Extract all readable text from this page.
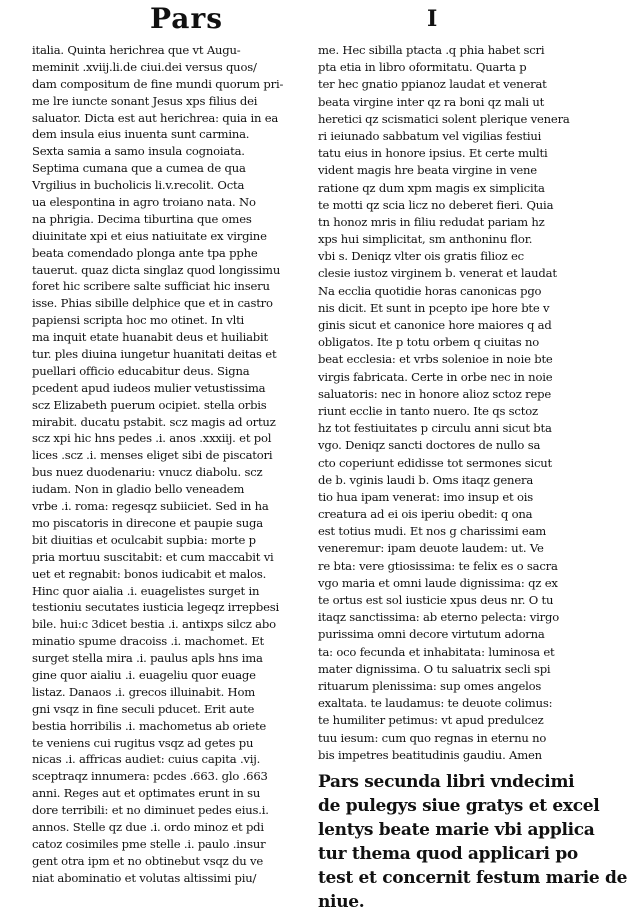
Pars	I
italia. Quinta herichrea que vt Augu-
meminit .xviij.li.de ciui.dei versus quos/
dam compositum de fine mundi quorum pri-
me lre iuncte sonant Jesus xps filius dei
saluator. Dicta est aut herichrea: quia in ea
dem insula eius inuenta sunt carmina.
Sexta samia a samo insula cognoiata.
Septima cumana que a cumea de qua
Vrgilius in bucholicis li.v.recolit. Octa
ua elespontina in agro troiano nata. No
na phrigia. Decima tiburtina que omes
diuinitate xpi et eius natiuitate ex virgine
beata comendado plonga ante tpa pphe
tauerut. quaz dicta singlaz quod longissimu
foret hic scribere salte sufficiat hic inseru
isse. Phias sibille delphice que et in castro
papiensi scripta hoc mo otinet. In vlti
ma inquit etate huanabit deus et huiliabit
tur. ples diuina iungetur huanitati deitas et
puellari officio educabitur deus. Signa
pcedent apud iudeos mulier vetustissima
scz Elizabeth puerum ocipiet. stella orbis
mirabit. ducatu pstabit. scz magis ad ortuz
scz xpi hic hns pedes .i. anos .xxxiij. et pol
lices .scz .i. menses eliget sibi de piscatori
bus nuez duodenariu: vnucz diabolu. scz
iudam. Non in gladio bello veneadem
vrbe .i. roma: regesqz subiiciet. Sed in ha
mo piscatoris in direcone et paupie suga
bit diuitias et oculcabit supbia: morte p
pria mortuu suscitabit: et cum maccabit vi
uet et regnabit: bonos iudicabit et malos.
Hinc quor aialia .i. euagelistes surget in
testioniu secutates iusticia legeqz irrepbesi
bile. hui:c 3dicet bestia .i. antixps silcz abo
minatio spume dracoiss .i. machomet. Et
surget stella mira .i. paulus apls hns ima
gine quor aialiu .i. euageliu quor euage
listaz. Danaos .i. grecos illuinabit. Hom
gni vsqz in fine seculi pducet. Erit aute
bestia horribilis .i. machometus ab oriete
te veniens cui rugitus vsqz ad getes pu
nicas .i. affricas audiet: cuius capita .vij.
sceptraqz innumera: pcdes .663. glo .663
anni. Reges aut et optimates erunt in su
dore terribili: et no diminuet pedes eius.i.
annos. Stelle qz due .i. ordo minoz et pdi
catoz cosimiles pme stelle .i. paulo .insur
gent otra ipm et no obtinebut vsqz du ve
niat abominatio et volutas altissimi piu/
me. Hec sibilla ptacta .q phia habet scri
pta etia in libro oformitatu. Quarta p
ter hec gnatio ppianoz laudat et venerat
beata virgine inter qz ra boni qz mali ut
heretici qz scismatici solent plerique venera
ri ieiunado sabbatum vel vigilias festiui
tatu eius in honore ipsius. Et certe multi
vident magis hre beata virgine in vene
ratione qz dum xpm magis ex simplicita
te motti qz scia licz no deberet fieri. Quia
tn honoz mris in filiu redudat pariam hz
xps hui simplicitat, sm anthoninu flor.
vbi s. Deniqz vlter ois gratis filioz ec
clesie iustoz virginem b. venerat et laudat
Na ecclia quotidie horas canonicas pgo
nis dicit. Et sunt in pcepto ipe hore bte v
ginis sicut et canonice hore maiores q ad
obligatos. Ite p totu orbem q ciuitas no
beat ecclesia: et vrbs solenioe in noie bte
virgis fabricata. Certe in orbe nec in noie
saluatoris: nec in honore alioz sctoz repe
riunt ecclie in tanto nuero. Ite qs sctoz
hz tot festiuitates p circulu anni sicut bta
vgo. Deniqz sancti doctores de nullo sa
cto coperiunt edidisse tot sermones sicut
de b. vginis laudi b. Oms itaqz genera
tio hua ipam venerat: imo insup et ois
creatura ad ei ois iperiu obedit: q ona
est totius mudi. Et nos g charissimi eam
veneremur: ipam deuote laudem: ut. Ve
re bta: vere gtiosissima: te felix es o sacra
vgo maria et omni laude dignissima: qz ex
te ortus est sol iusticie xpus deus nr. O tu
itaqz sanctissima: ab eterno pelecta: virgo
purissima omni decore virtutum adorna
ta: oco fecunda et inhabitata: luminosa et
mater dignissima. O tu saluatrix secli spi
rituarum plenissima: sup omes angelos
exaltata. te laudamus: te deuote colimus:
te humiliter petimus: vt apud predulcez
tuu iesum: cum quo regnas in eternu no
bis impetres beatitudinis gaudiu. Amen
Pars secunda libri vndecimi
de pulegys siue gratys et excel
lentys beate marie vbi applica
tur thema quod applicari po
test et concernit festum marie de
niue.
